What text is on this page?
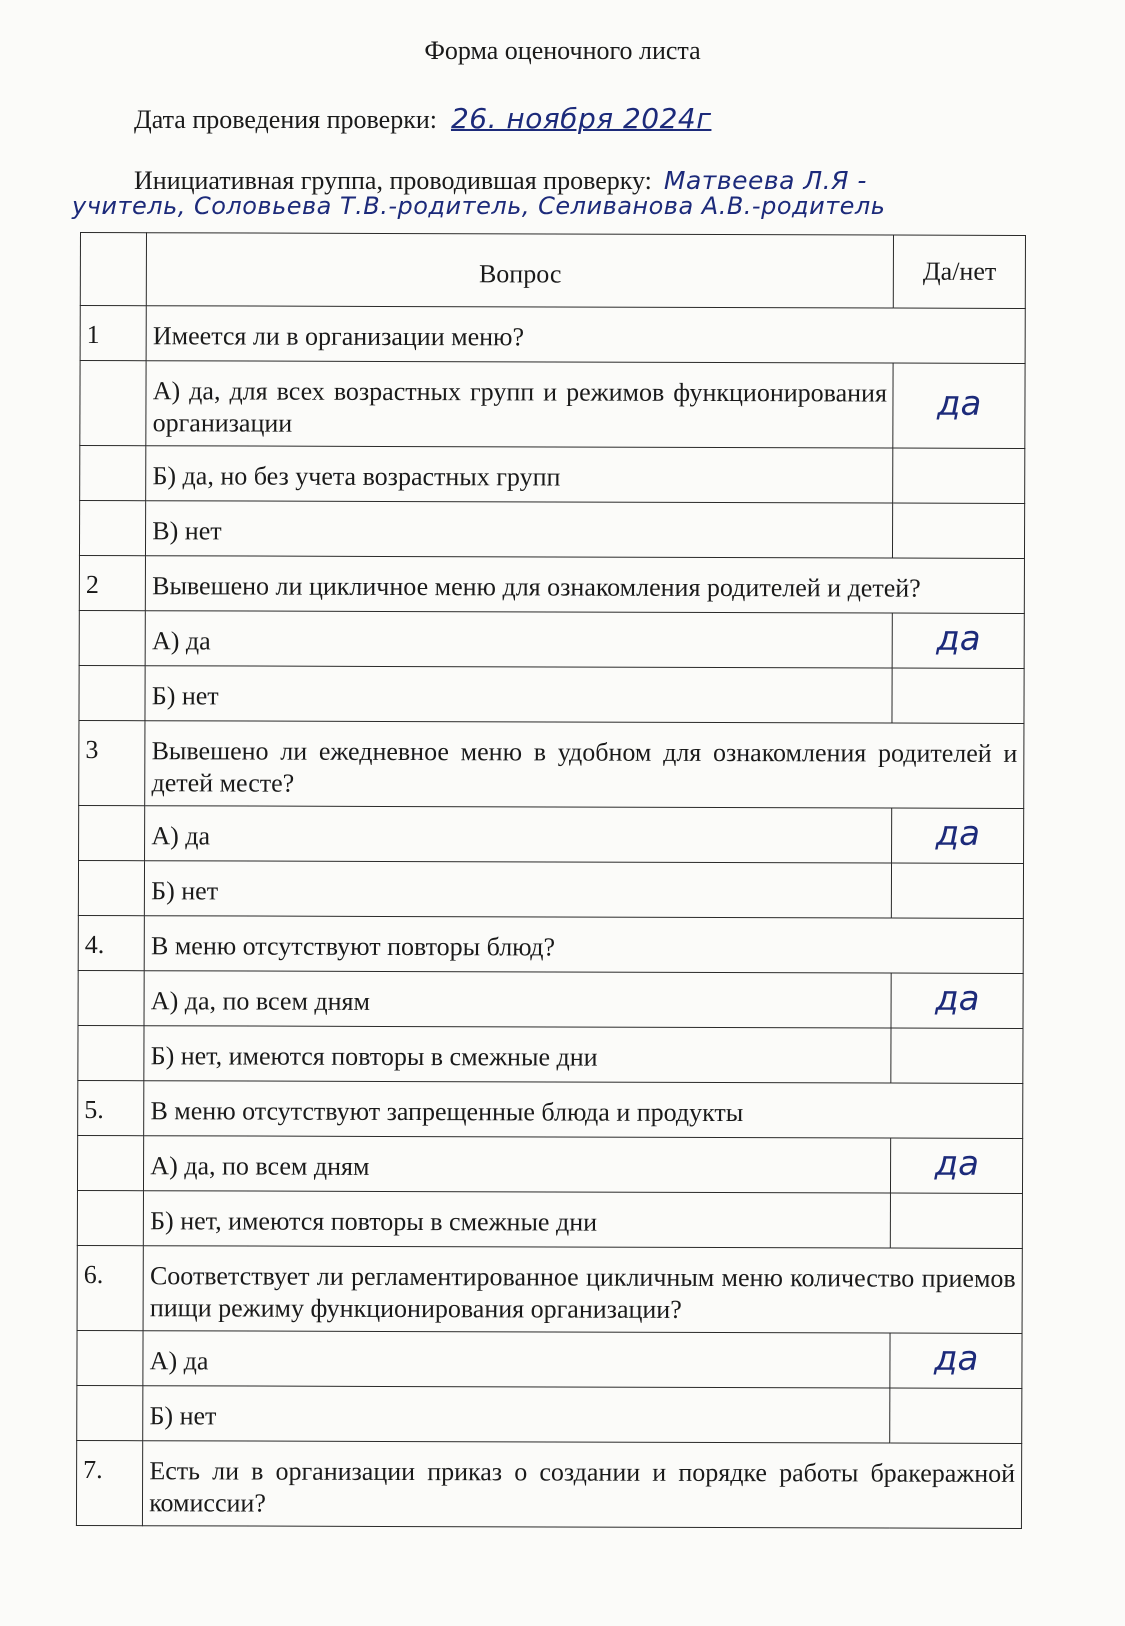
Форма оценочного листа
Дата проведения проверки: 26. ноября 2024г
Инициативная группа, проводившая проверку: Матвеева Л.Я -
учитель, Соловьева Т.В.-родитель, Селиванова А.В.-родитель
	Вопрос	Да/нет
1	Имеется ли в организации меню?	
	А) да, для всех возрастных групп и режимов функционирования организации	да
	Б) да, но без учета возрастных групп	
	В) нет	
2	Вывешено ли цикличное меню для ознакомления родителей и детей?	
	А) да	да
	Б) нет	
3	Вывешено ли ежедневное меню в удобном для ознакомления родителей и детей месте?	
	А) да	да
	Б) нет	
4.	В меню отсутствуют повторы блюд?	
	А) да, по всем дням	да
	Б) нет, имеются повторы в смежные дни	
5.	В меню отсутствуют запрещенные блюда и продукты	
	А) да, по всем дням	да
	Б) нет, имеются повторы в смежные дни	
6.	Соответствует ли регламентированное цикличным меню количество приемов пищи режиму функционирования организации?	
	А) да	да
	Б) нет	
7.	Есть ли в организации приказ о создании и порядке работы бракеражной комиссии?	
